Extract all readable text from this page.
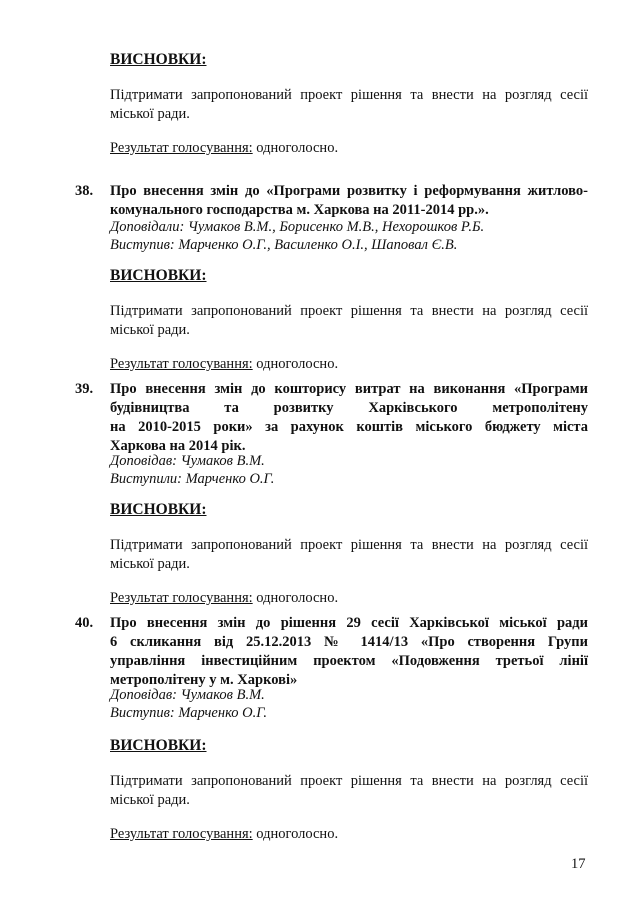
ВИСНОВКИ:
Підтримати запропонований проект рішення та внести на розгляд сесії
міської ради.
Результат голосування: одноголосно.
38. Про внесення змін до «Програми розвитку і реформування житлово-
комунального господарства м. Харкова на 2011-2014 рр.».
Доповідали: Чумаков В.М., Борисенко М.В., Нехорошков Р.Б.
Виступив: Марченко О.Г., Василенко О.І., Шаповал Є.В.
ВИСНОВКИ:
Підтримати запропонований проект рішення та внести на розгляд сесії
міської ради.
Результат голосування: одноголосно.
39. Про внесення змін до кошторису витрат на виконання «Програми
будівництва та розвитку Харківського метрополітену
на 2010-2015 роки» за рахунок коштів міського бюджету міста
Харкова на 2014 рік.
Доповідав: Чумаков В.М.
Виступили: Марченко О.Г.
ВИСНОВКИ:
Підтримати запропонований проект рішення та внести на розгляд сесії
міської ради.
Результат голосування: одноголосно.
40. Про внесення змін до рішення 29 сесії Харківської міської ради
6 скликання від 25.12.2013 № 1414/13 «Про створення Групи
управління інвестиційним проектом «Подовження третьої лінії
метрополітену у м. Харкові»
Доповідав: Чумаков В.М.
Виступив: Марченко О.Г.
ВИСНОВКИ:
Підтримати запропонований проект рішення та внести на розгляд сесії
міської ради.
Результат голосування: одноголосно.
17
